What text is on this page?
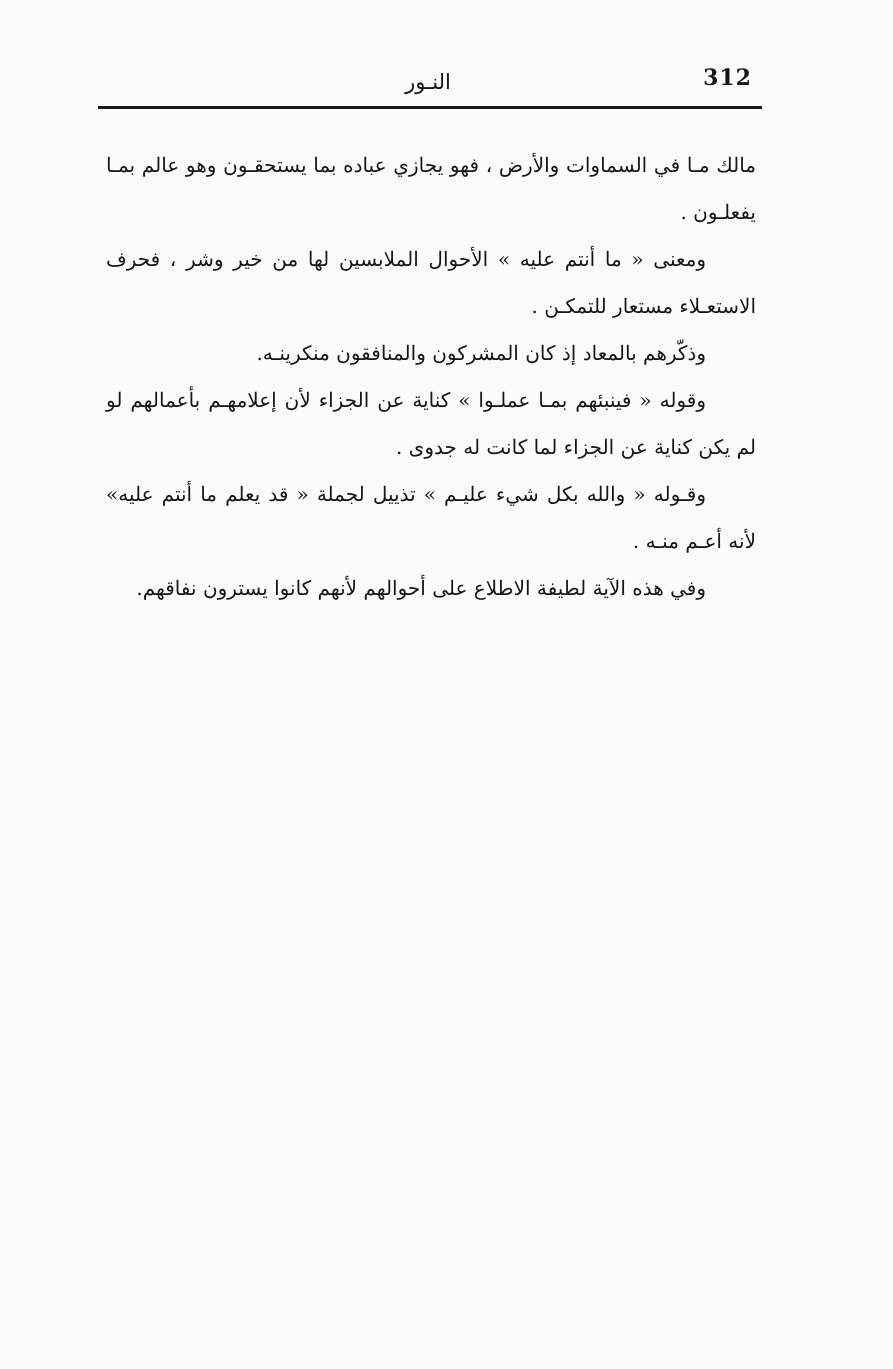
312
النـور

مالك مـا في السماوات والأرض ، فهو يجازي عباده بما يستحقـون وهو عالم بمـا يفعلـون .

ومعنى « ما أنتم عليه » الأحوال الملابسين لها من خير وشر ، فحرف الاستعـلاء مستعار للتمكـن .

وذكّرهم بالمعاد إذ كان المشركون والمنافقون منكرينـه.

وقوله « فينبئهم بمـا عملـوا » كناية عن الجزاء لأن إعلامهـم بأعمالهم لو لم يكن كناية عن الجزاء لما كانت له جدوى .

وقـوله « والله بكل شيء عليـم » تذييل لجملة « قد يعلم ما أنتم عليه» لأنه أعـم منـه .

وفي هذه الآية لطيفة الاطلاع على أحوالهم لأنهم كانوا يسترون نفاقهم.
